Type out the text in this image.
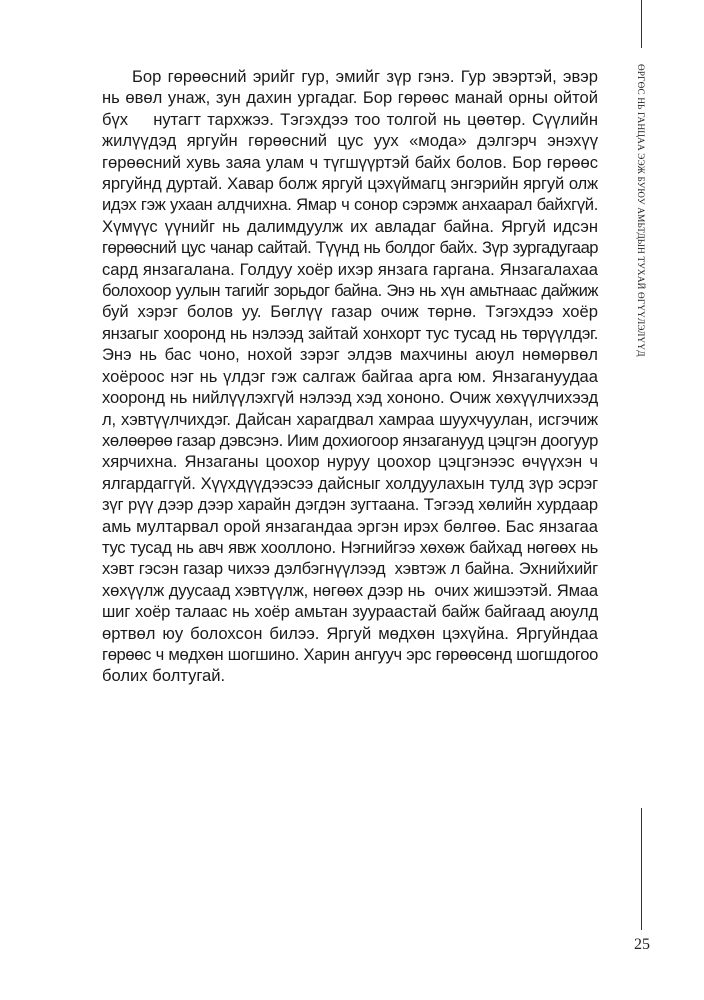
ӨРГӨС НЬ ГАНЦАА ЭЭЖ БУЮУ АМЬТДЫН ТУХАЙ ӨГҮҮЛЭЛҮҮД

Бор гөрөөсний эрийг гур, эмийг зүр гэнэ. Гур эвэртэй, эвэр
нь өвөл унаж, зун дахин ургадаг. Бор гөрөөс манай орны ойтой
бүх    нутагт тархжээ. Тэгэхдээ тоо толгой нь цөөтөр. Сүүлийн
жилүүдэд яргуйн гөрөөсний цус уух «мода» дэлгэрч энэхүү
гөрөөсний хувь заяа улам ч түгшүүртэй байх болов. Бор гөрөөс
яргуйнд дуртай. Хавар болж яргуй цэхүймагц энгэрийн яргуй олж
идэх гэж ухаан алдчихна. Ямар ч сонор сэрэмж анхаарал байхгүй.
Хүмүүс үүнийг нь далимдуулж их авладаг байна. Яргуй идсэн
гөрөөсний цус чанар сайтай. Түүнд нь болдог байх. Зүр зургадугаар
сард янзагалана. Голдуу хоёр ихэр янзага гаргана. Янзагалахаа
болохоор уулын тагийг зорьдог байна. Энэ нь хүн амьтнаас дайжиж
буй хэрэг болов уу. Бөглүү газар очиж төрнө. Тэгэхдээ хоёр
янзагыг хооронд нь нэлээд зайтай хонхорт тус тусад нь төрүүлдэг.
Энэ нь бас чоно, нохой зэрэг элдэв махчины аюул нөмөрвөл
хоёроос нэг нь үлдэг гэж салгаж байгаа арга юм. Янзагануудаа
хооронд нь нийлүүлэхгүй нэлээд хэд хононо. Очиж хөхүүлчихээд
л, хэвтүүлчихдэг. Дайсан харагдвал хамраа шуухчуулан, исгэчиж
хөлөөрөө газар дэвсэнэ. Иим дохиогоор янзаганууд цэцгэн доогуур
хярчихна. Янзаганы цоохор нуруу цоохор цэцгэнээс өчүүхэн ч
ялгардаггүй. Хүүхдүүдээсээ дайсныг холдуулахын тулд зүр эсрэг
зүг рүү дээр дээр харайн дэгдэн зугтаана. Тэгээд хөлийн хурдаар
амь мултарвал орой янзагандаа эргэн ирэх бөлгөө. Бас янзагаа
тус тусад нь авч явж хооллоно. Нэгнийгээ хөхөж байхад нөгөөх нь
хэвт гэсэн газар чихээ дэлбэгнүүлээд  хэвтэж л байна. Эхнийхийг
хөхүүлж дуусаад хэвтүүлж, нөгөөх дээр нь  очих жишээтэй. Ямаа
шиг хоёр талаас нь хоёр амьтан зуураастай байж байгаад аюулд
өртвөл юу болохсон билээ. Яргуй мөдхөн цэхүйна. Яргуйндаа
гөрөөс ч мөдхөн шогшино. Харин ангууч эрс гөрөөсөнд шогшдогоо
болих болтугай.

25
